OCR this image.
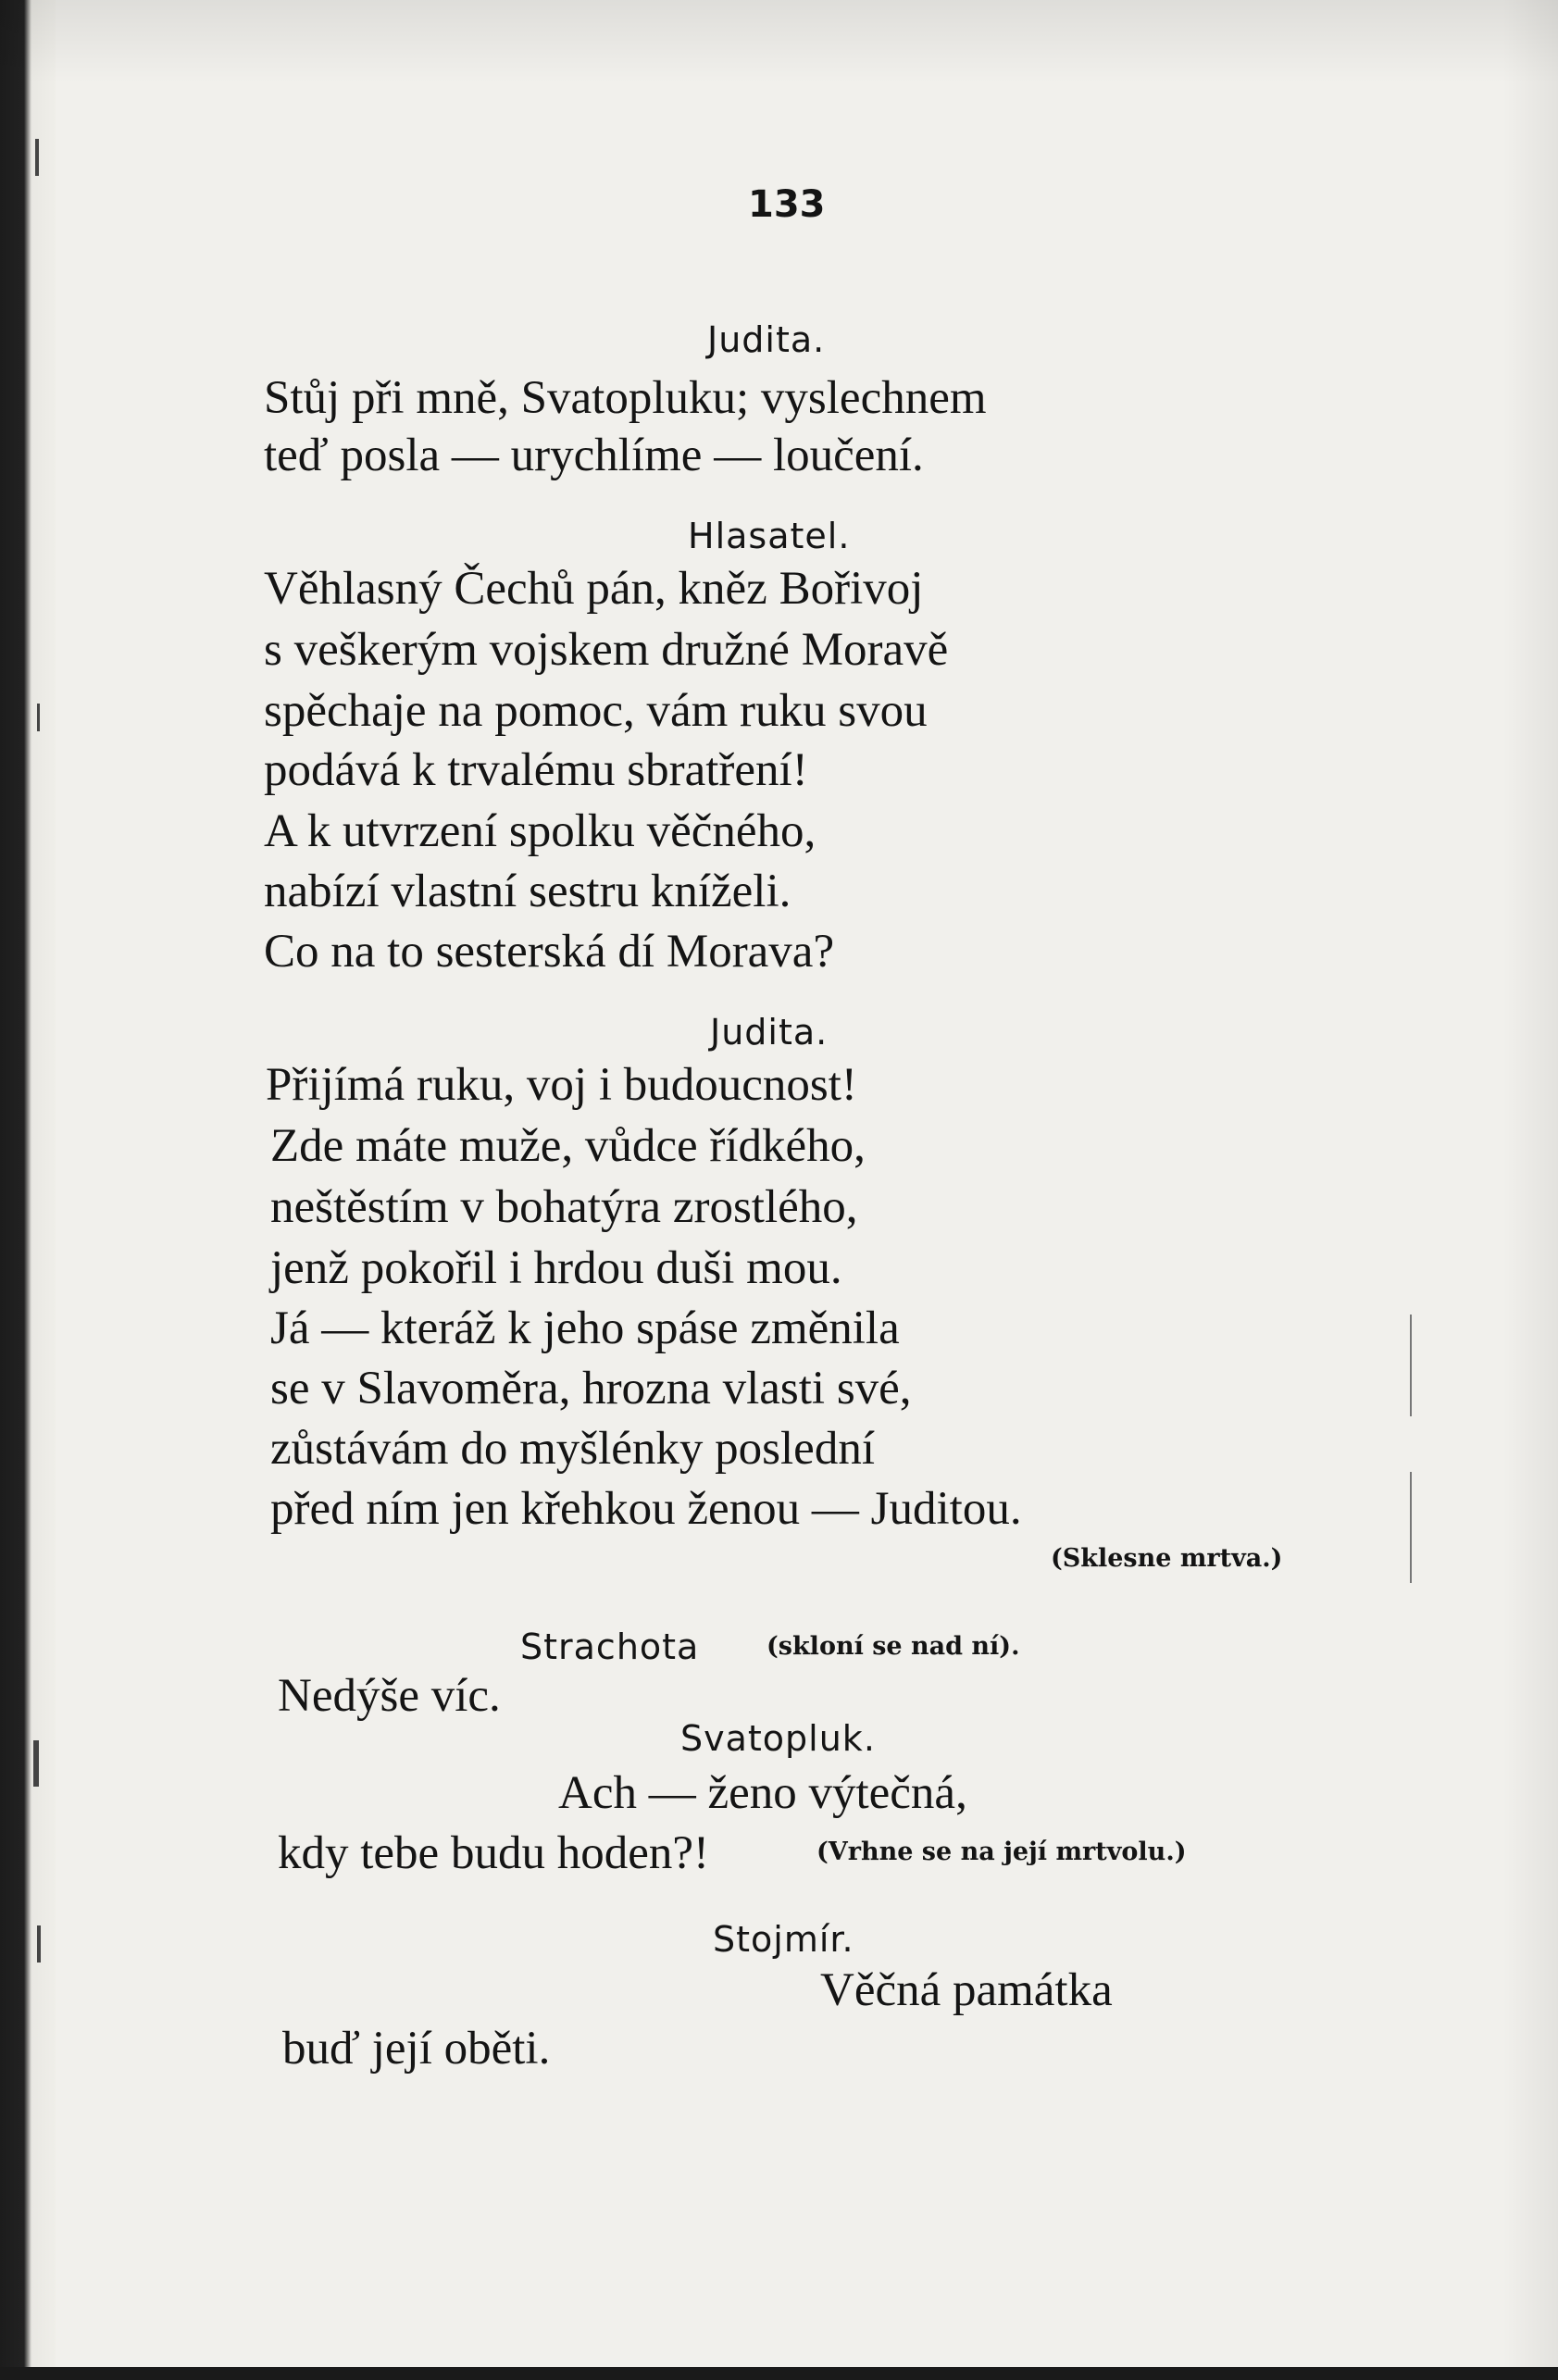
133
Judita.
Stůj při mně, Svatopluku; vyslechnem
teď posla — urychlíme — loučení.
Hlasatel.
Věhlasný Čechů pán, kněz Bořivoj
s veškerým vojskem družné Moravě
spěchaje na pomoc, vám ruku svou
podává k trvalému sbratření!
A k utvrzení spolku věčného,
nabízí vlastní sestru kníželi.
Co na to sesterská dí Morava?
Judita.
Přijímá ruku, voj i budoucnost!
Zde máte muže, vůdce řídkého,
neštěstím v bohatýra zrostlého,
jenž pokořil i hrdou duši mou.
Já — kteráž k jeho spáse změnila
se v Slavoměra, hrozna vlasti své,
zůstávám do myšlénky poslední
před ním jen křehkou ženou — Juditou.
(Sklesne mrtva.)
Strachota	(skloní se nad ní).
Nedýše víc.
Svatopluk.
Ach — ženo výtečná,
kdy tebe budu hoden?!	(Vrhne se na její mrtvolu.)
Stojmír.
Věčná památka
buď její oběti.
